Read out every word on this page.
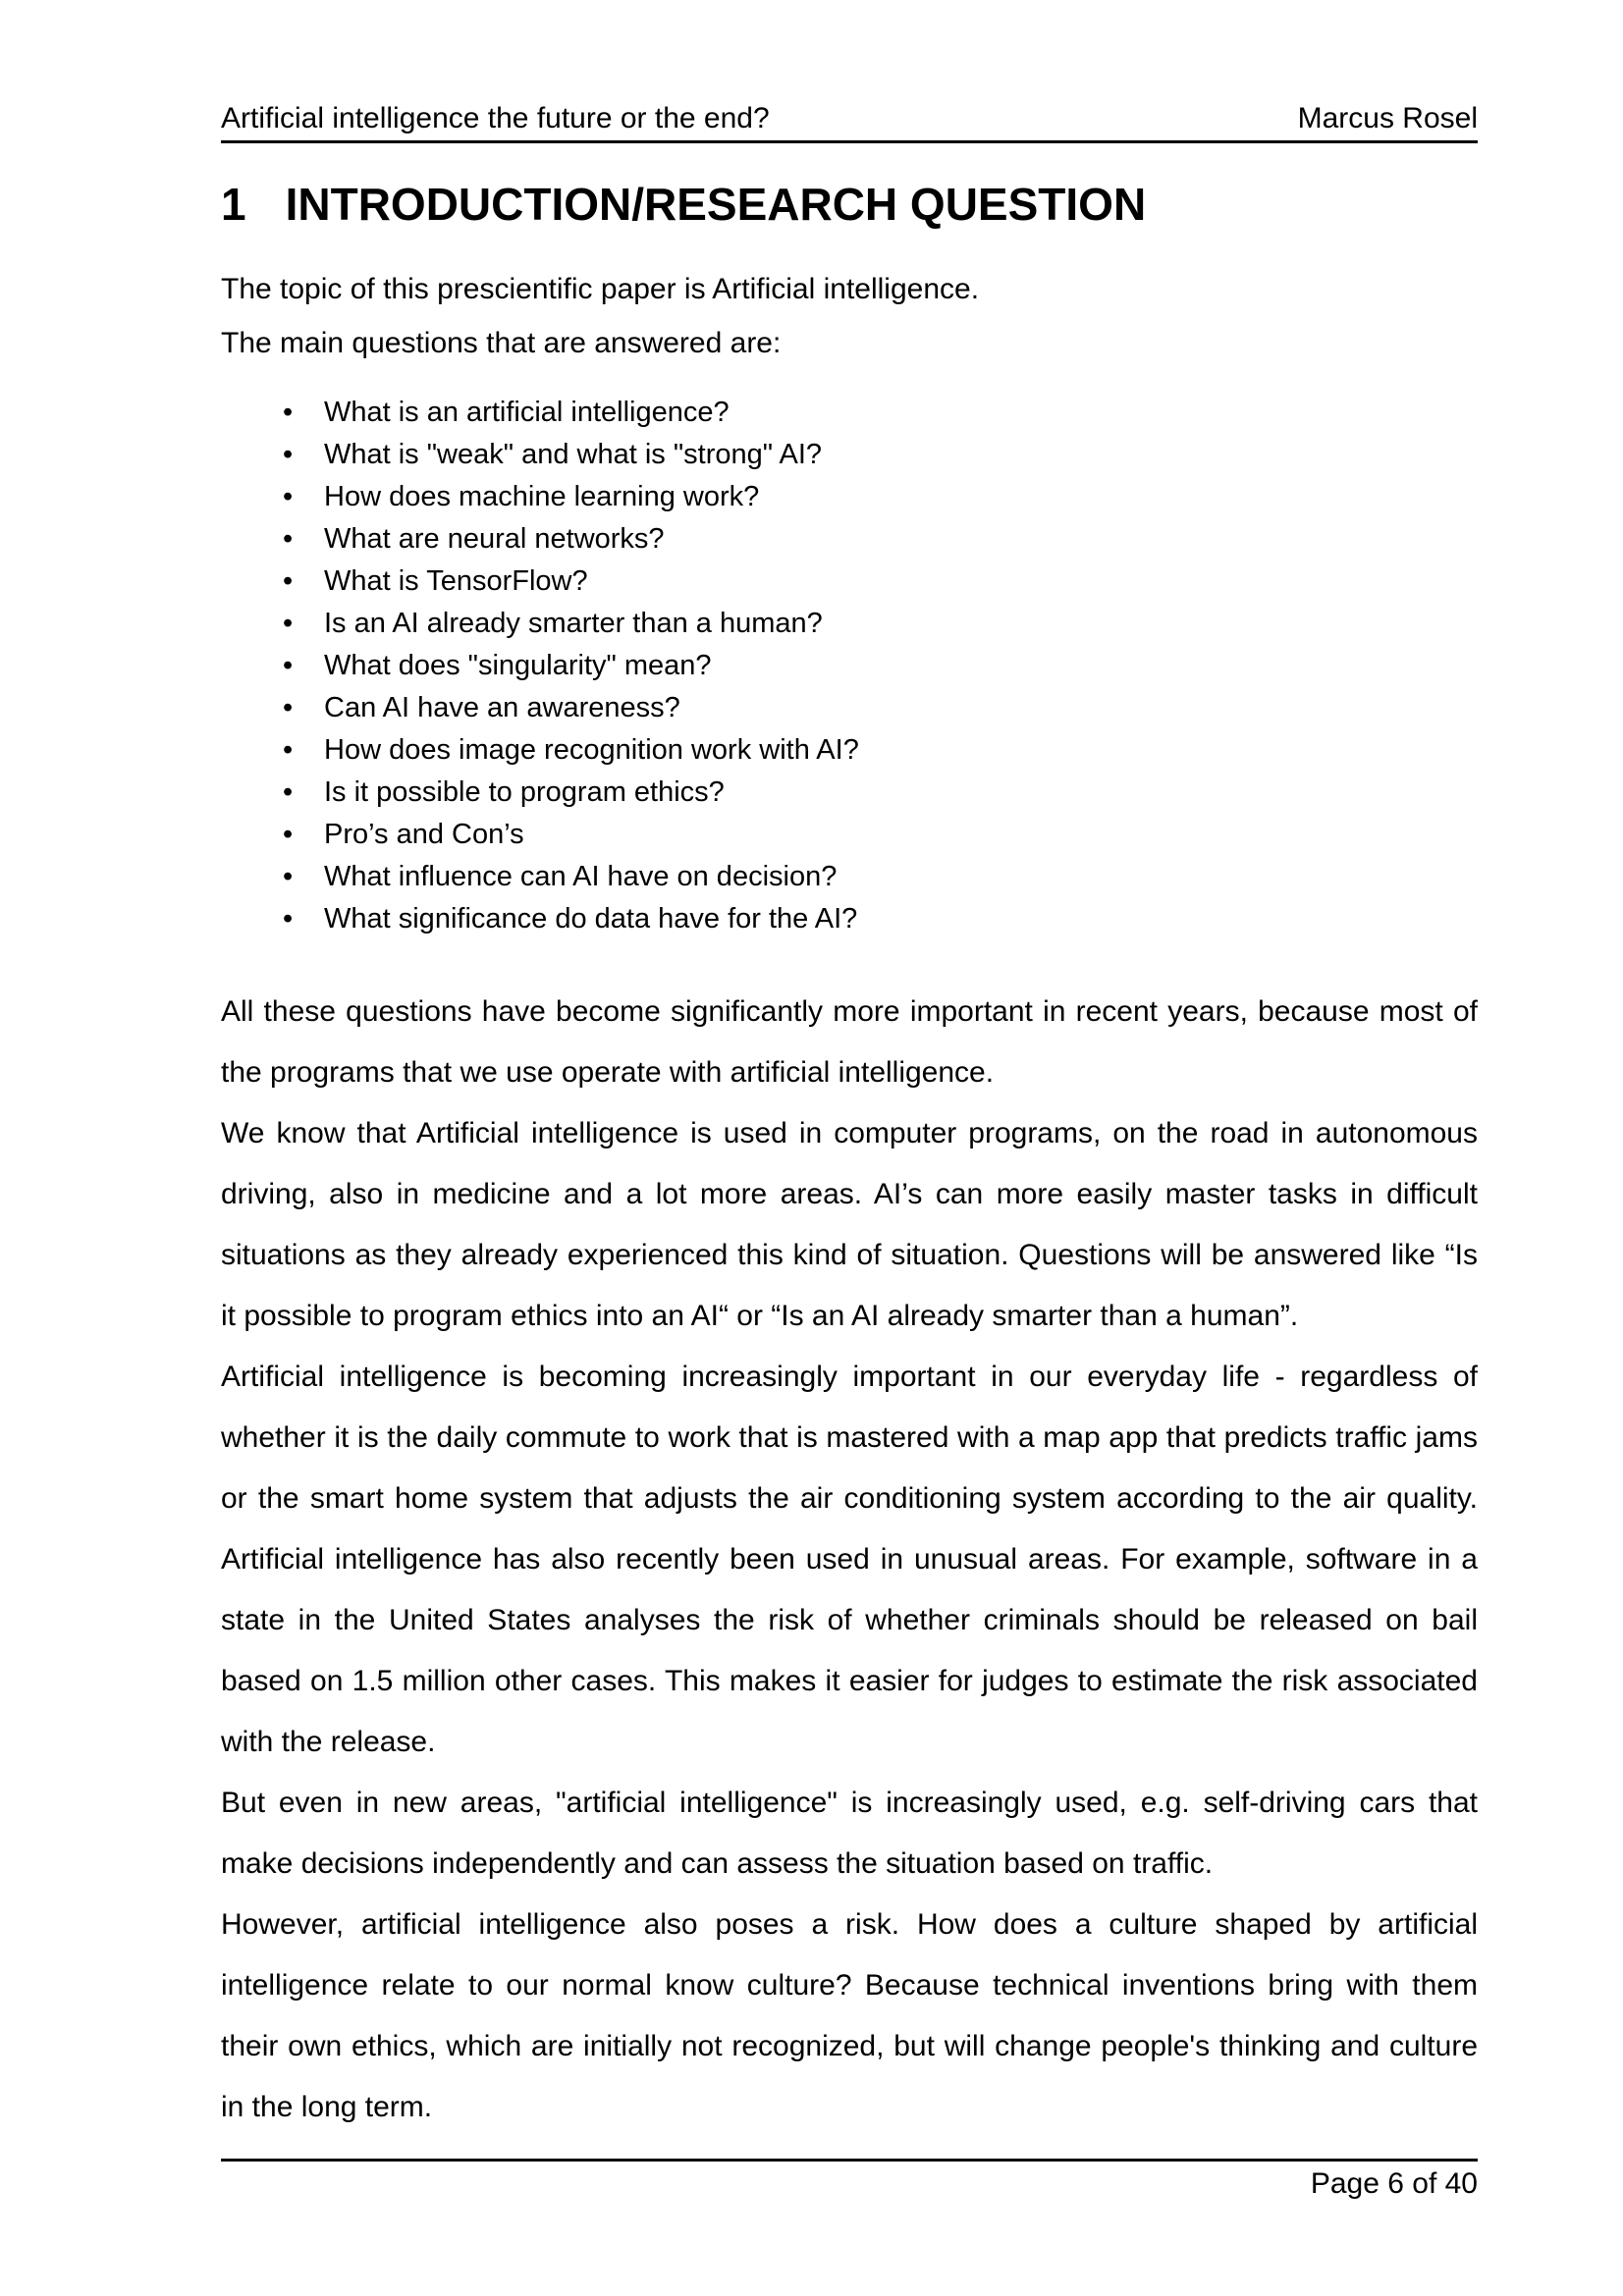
Artificial intelligence the future or the end?	Marcus Rosel
1 INTRODUCTION/RESEARCH QUESTION
The topic of this prescientific paper is Artificial intelligence.
The main questions that are answered are:
• What is an artificial intelligence?
• What is "weak" and what is "strong" AI?
• How does machine learning work?
• What are neural networks?
• What is TensorFlow?
• Is an AI already smarter than a human?
• What does "singularity" mean?
• Can AI have an awareness?
• How does image recognition work with AI?
• Is it possible to program ethics?
• Pro’s and Con’s
• What influence can AI have on decision?
• What significance do data have for the AI?

All these questions have become significantly more important in recent years, because most of the programs that we use operate with artificial intelligence.

We know that Artificial intelligence is used in computer programs, on the road in autonomous driving, also in medicine and a lot more areas. AI’s can more easily master tasks in difficult situations as they already experienced this kind of situation. Questions will be answered like “Is it possible to program ethics into an AI“ or “Is an AI already smarter than a human”.

Artificial intelligence is becoming increasingly important in our everyday life - regardless of whether it is the daily commute to work that is mastered with a map app that predicts traffic jams or the smart home system that adjusts the air conditioning system according to the air quality. Artificial intelligence has also recently been used in unusual areas. For example, software in a state in the United States analyses the risk of whether criminals should be released on bail based on 1.5 million other cases. This makes it easier for judges to estimate the risk associated with the release.

But even in new areas, "artificial intelligence" is increasingly used, e.g. self-driving cars that make decisions independently and can assess the situation based on traffic.

However, artificial intelligence also poses a risk. How does a culture shaped by artificial intelligence relate to our normal know culture? Because technical inventions bring with them their own ethics, which are initially not recognized, but will change people's thinking and culture in the long term.

Page 6 of 40
